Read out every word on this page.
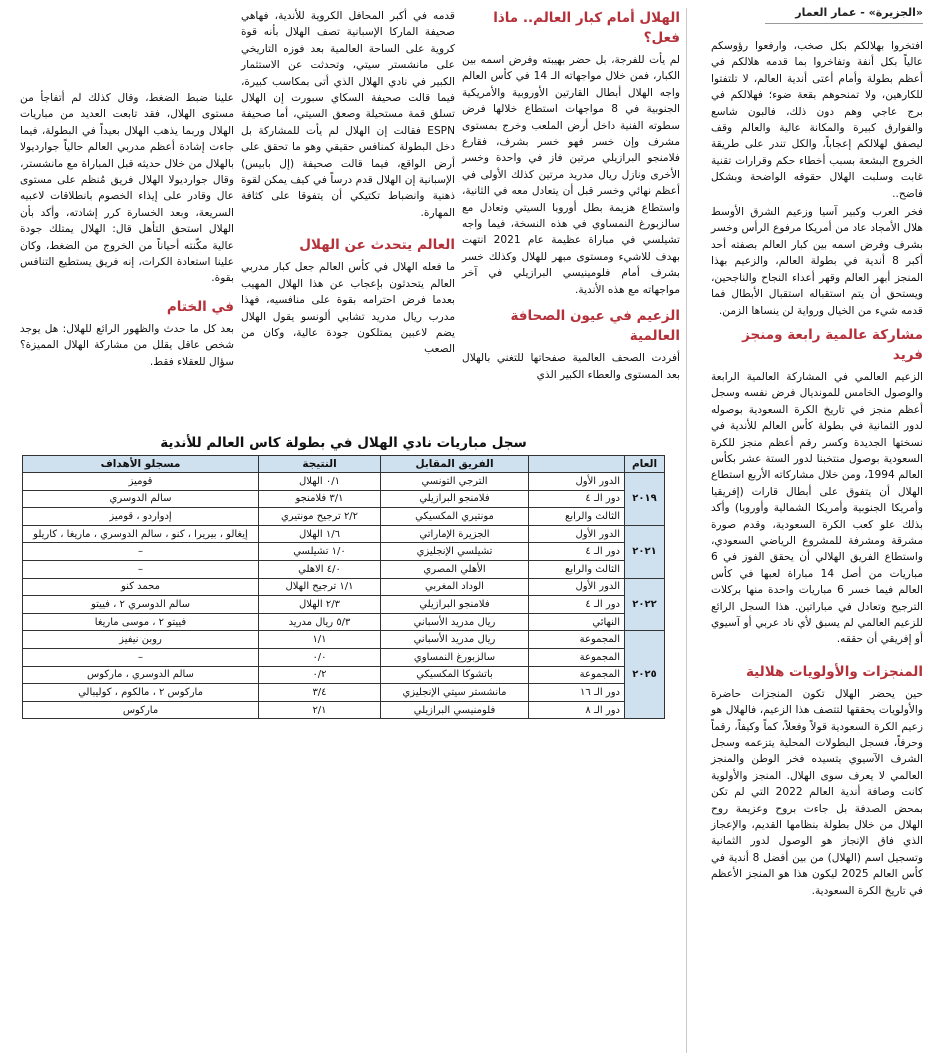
«الجزيرة» - عمار العمار

افتخروا بهلالكم بكل صخب، وارفعوا رؤوسكم عالياً بكل أنفة وتفاخروا بما قدمه هلالكم في أعظم بطولة وأمام أعتى أندية العالم، لا تلتفتوا للكارهين، ولا تمنحوهم بقعة ضوء؛ فهلالكم في برج عاجي وهم دون ذلك، فالبون شاسع والفوارق كبيرة والمكانة عالية والعالم وقف ليصفق لهلالكم إعجاباً، والكل تندر على طريقة الخروج البشعة بسبب أخطاء حكم وقرارات تقنية غابت وسلبت الهلال حقوقه الواضحة وبشكل فاضح..

فخر العرب وكبير آسيا وزعيم الشرق الأوسط هلال الأمجاد عاد من أمريكا مرفوع الرأس وخسر بشرف وفرض اسمه بين كبار العالم بصفته أحد أكبر 8 أندية في بطولة العالم، والزعيم بهذا المنجز أبهر العالم وقهر أعداء النجاح والناجحين، ويستحق أن يتم استقباله استقبال الأبطال فما قدمه شيء من الخيال ورواية لن ينساها الزمن.

مشاركة عالمية رابعة ومنجز فريد

الزعيم العالمي في المشاركة العالمية الرابعة والوصول الخامس للمونديال فرض نفسه وسجل أعظم منجز في تاريخ الكرة السعودية بوصوله لدور الثمانية في بطولة كأس العالم للأندية في نسختها الجديدة وكسر رقم أعظم منجز للكرة السعودية بوصول منتخبنا لدور الستة عشر بكأس العالم 1994، ومن خلال مشاركاته الأربع استطاع الهلال أن يتفوق على أبطال قارات (إفريقيا وأمريكا الجنوبية وأمريكا الشمالية وأوروبا) وأكد بذلك علو كعب الكرة السعودية، وقدم صورة مشرقة ومشرفة للمشروع الرياضي السعودي، واستطاع الفريق الهلالي أن يحقق الفوز في 6 مباريات من أصل 14 مباراة لعبها في كأس العالم فيما خسر 6 مباريات واحدة منها بركلات الترجيح وتعادل في مباراتين. هذا السجل الرائع للزعيم العالمي لم يسبق لأي ناد عربي أو آسيوي أو إفريقي أن حققه.

المنجزات والأولويات هلالية

حين يحضر الهلال تكون المنجزات حاضرة والأولويات يحققها لتتصف هذا الزعيم، فالهلال هو زعيم الكرة السعودية قولاً وفعلاً، كماً وكيفاً، رقماً وحرفاً، فسجل البطولات المحلية يتزعمه وسجل الشرف الآسيوي يتسيده فخر الوطن والمنجز العالمي لا يعرف سوى الهلال. المنجز والأولوية كانت وصافة أندية العالم 2022 التي لم تكن بمحض الصدفة بل جاءت بروح وعزيمة روح الهلال من خلال بطولة بنظامها القديم، والإعجاز الذي فاق الإنجاز هو الوصول لدور الثمانية وتسجيل اسم (الهلال) من بين أفضل 8 أندية في كأس العالم 2025 ليكون هذا هو المنجز الأعظم في تاريخ الكرة السعودية.

الهلال أمام كبار العالم.. ماذا فعل؟

لم يأت للفرجة، بل حضر بهيبته وفرض اسمه بين الكبار، فمن خلال مواجهاته الـ 14 في كأس العالم واجه الهلال أبطال القارتين الأوروبية والأمريكية الجنوبية في 8 مواجهات استطاع خلالها فرض سطوته الفنية داخل أرض الملعب وخرج بمستوى مشرف وإن خسر فهو خسر بشرف، فقارع فلامنجو البرازيلي مرتين فاز في واحدة وخسر الأخرى ونازل ريال مدريد مرتين كذلك الأولى في أعظم نهائي وخسر قبل أن يتعادل معه في الثانية، واستطاع هزيمة بطل أوروبا السيتي وتعادل مع سالزبورغ النمساوي في هذه النسخة، فيما واجه تشيلسي في مباراة عظيمة عام 2021 انتهت بهدف للاشيء ومستوى مبهر للهلال وكذلك خسر بشرف أمام فلومينيسي البرازيلي في آخر مواجهاته مع هذه الأندية.

الزعيم في عيون الصحافة العالمية

أفردت الصحف العالمية صفحاتها للتغني بالهلال بعد المستوى والعطاء الكبير الذي

قدمه في أكبر المحافل الكروية للأندية، فهاهي صحيفة الماركا الإسبانية تصف الهلال بأنه قوة كروية على الساحة العالمية بعد فوزه التاريخي على مانشستر سيتي، وتحدثت عن الاستثمار الكبير في نادي الهلال الذي أتى بمكاسب كبيرة، فيما قالت صحيفة السكاي سبورت إن الهلال تسلق قمة مستحيلة وصعق السيتي، أما صحيفة ESPN فقالت إن الهلال لم يأت للمشاركة بل دخل البطولة كمنافس حقيقي وهو ما تحقق على أرض الواقع، فيما قالت صحيفة (إل بابيس) الإسبانية إن الهلال قدم درساً في كيف يمكن لقوة ذهنية وانضباط تكتيكي أن يتفوقا على كثافة المهارة.

العالم يتحدث عن الهلال

ما فعله الهلال في كأس العالم جعل كبار مدربي العالم يتحدثون بإعجاب عن هذا الهلال المهيب بعدما فرض احترامه بقوة على منافسيه، فهذا مدرب ريال مدريد تشابي ألونسو يقول الهلال يضم لاعبين يمتلكون جودة عالية، وكان من الصعب

علينا ضبط الضغط، وقال كذلك لم أتفاجأ من مستوى الهلال، فقد تابعت العديد من مباريات الهلال وربما يذهب الهلال بعيداً في البطولة، فيما جاءت إشادة أعظم مدربي العالم حالياً جوارديولا بالهلال من خلال حديثه قبل المباراة مع مانشستر، وقال جوارديولا الهلال فريق مُنظم على مستوى عال وقادر على إيذاء الخصوم بانطلاقات لاعبيه السريعة، وبعد الخسارة كرر إشادته، وأكد بأن الهلال استحق التأهل قال: الهلال يمتلك جودة عالية مكّنته أحياناً من الخروج من الضغط، وكان علينا استعادة الكرات، إنه فريق يستطيع التنافس بقوة.

في الختام

بعد كل ما حدث والظهور الرائع للهلال: هل يوجد شخص عاقل يقلل من مشاركة الهلال المميزة؟ سؤال للعقلاء فقط.

سجل مباريات نادي الهلال في بطولة كاس العالم للأندية
العام		الفريق المقابل	النتيجة	مسجلو الأهداف
٢٠١٩	الدور الأول	الترجي التونسي	٠/١ الهلال	قوميز
	دور الـ ٤	فلامنجو البرازيلي	٣/١ فلامنجو	سالم الدوسري
	الثالث والرابع	مونتيري المكسيكي	٢/٢ ترجيح مونتيري	إدواردو ، قوميز
٢٠٢١	الدور الأول	الجزيرة الإماراتي	١/٦ الهلال	إيغالو ، بيريرا ، كنو ، سالم الدوسري ، ماريغا ، كاريلو
	دور الـ ٤	تشيلسي الإنجليزي	١/٠ تشيلسي	–
	الثالث والرابع	الأهلي المصري	٤/٠ الاهلي	–
٢٠٢٢	الدور الأول	الوداد المغربي	١/١ ترجيح الهلال	محمد كنو
	دور الـ ٤	فلامنجو البرازيلي	٢/٣ الهلال	سالم الدوسري ٢ ، فييتو
	النهائي	ريال مدريد الأسباني	٥/٣ ريال مدريد	فييتو ٢ ، موسى ماريغا
٢٠٢٥	المجموعة	ريال مدريد الأسباني	١/١	روبن نيفيز
	المجموعة	سالزبورغ النمساوي	٠/٠	–
	المجموعة	باتشوكا المكسيكي	٠/٢	سالم الدوسري ، ماركوس
	دور الـ ١٦	مانشستر سيتي الإنجليزي	٣/٤	ماركوس ٢ ، مالكوم ، كوليبالي
	دور الـ ٨	فلومنيسي البرازيلي	٢/١	ماركوس
